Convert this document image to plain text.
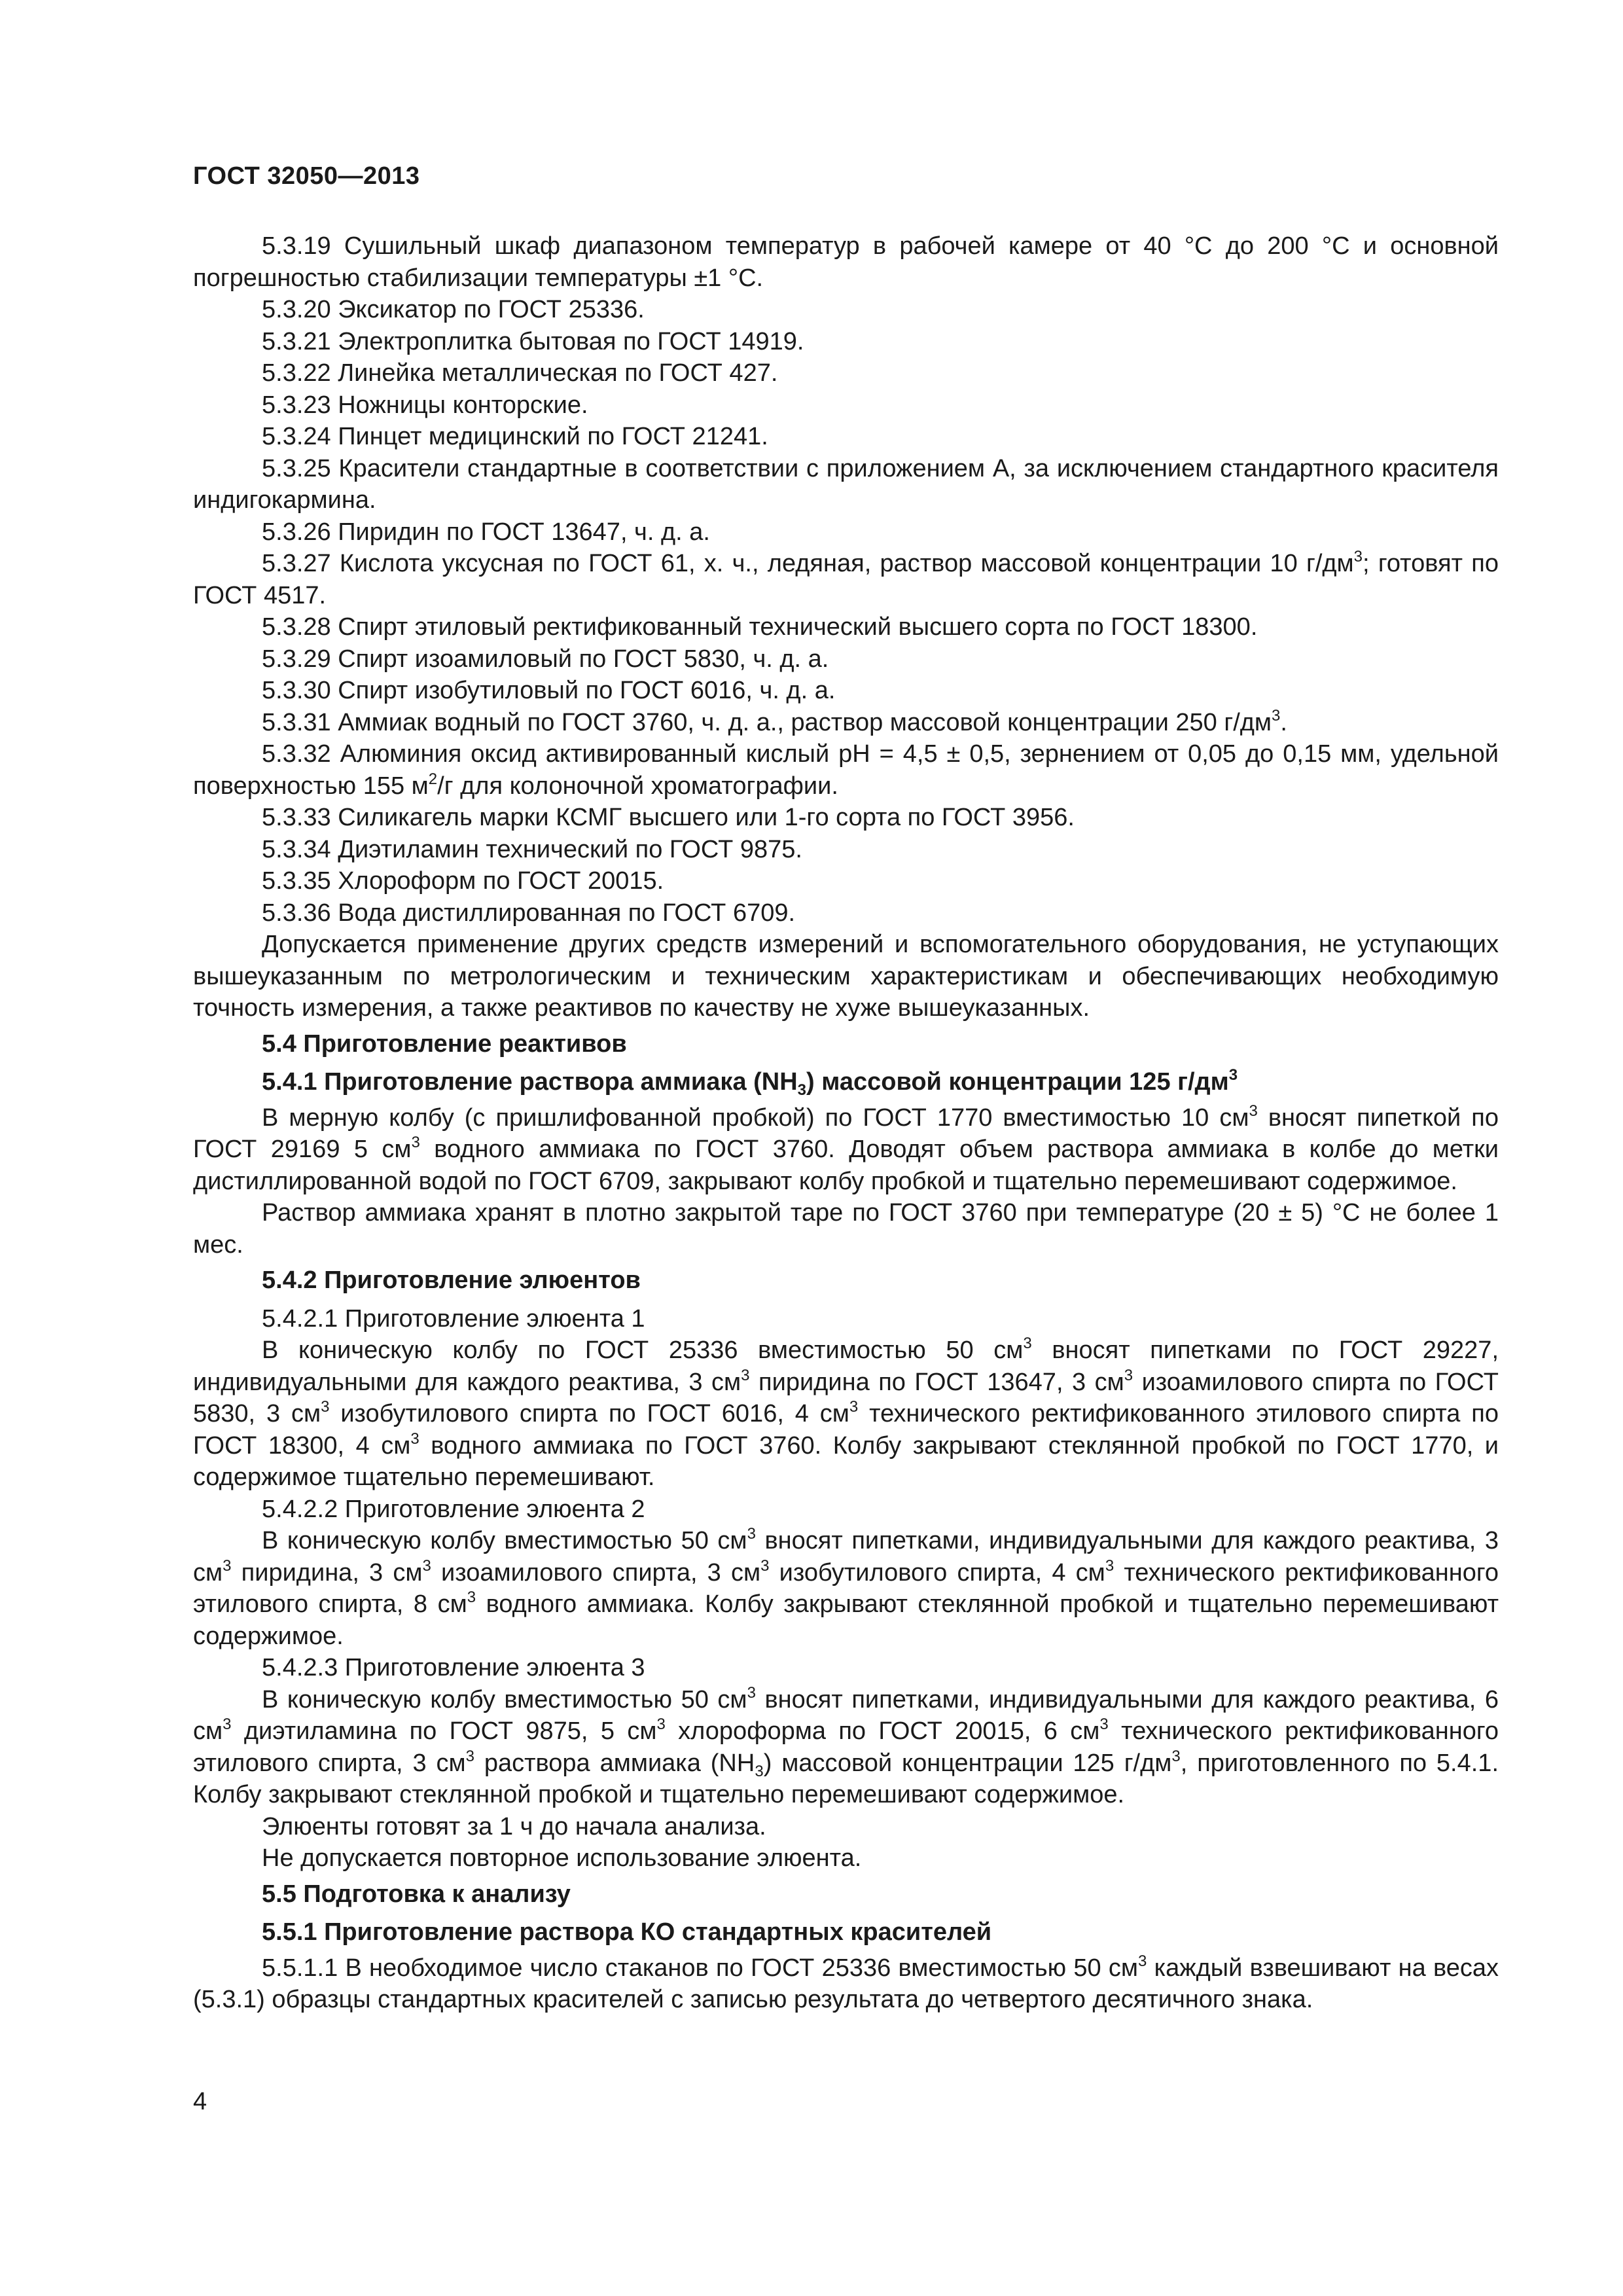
ГОСТ 32050—2013

5.3.19 Сушильный шкаф диапазоном температур в рабочей камере от 40 °C до 200 °C и основной погрешностью стабилизации температуры ±1 °C.

5.3.20 Эксикатор по ГОСТ 25336.

5.3.21 Электроплитка бытовая по ГОСТ 14919.

5.3.22 Линейка металлическая по ГОСТ 427.

5.3.23 Ножницы конторские.

5.3.24 Пинцет медицинский по ГОСТ 21241.

5.3.25 Красители стандартные в соответствии с приложением А, за исключением стандартного красителя индигокармина.

5.3.26 Пиридин по ГОСТ 13647, ч. д. а.

5.3.27 Кислота уксусная по ГОСТ 61, х. ч., ледяная, раствор массовой концентрации 10 $г/дм^3$; готовят по ГОСТ 4517.

5.3.28 Спирт этиловый ректификованный технический высшего сорта по ГОСТ 18300.

5.3.29 Спирт изоамиловый по ГОСТ 5830, ч. д. а.

5.3.30 Спирт изобутиловый по ГОСТ 6016, ч. д. а.

5.3.31 Аммиак водный по ГОСТ 3760, ч. д. а., раствор массовой концентрации 250 $г/дм^3$.

5.3.32 Алюминия оксид активированный кислый pH = 4,5 ± 0,5, зернением от 0,05 до 0,15 мм, удельной поверхностью 155 $м^2/г$ для колоночной хроматографии.

5.3.33 Силикагель марки КСМГ высшего или 1-го сорта по ГОСТ 3956.

5.3.34 Диэтиламин технический по ГОСТ 9875.

5.3.35 Хлороформ по ГОСТ 20015.

5.3.36 Вода дистиллированная по ГОСТ 6709.

Допускается применение других средств измерений и вспомогательного оборудования, не уступающих вышеуказанным по метрологическим и техническим характеристикам и обеспечивающих необходимую точность измерения, а также реактивов по качеству не хуже вышеуказанных.

5.4 Приготовление реактивов

5.4.1 Приготовление раствора аммиака $(NH_3)$ массовой концентрации 125 $г/дм^3$

В мерную колбу (с пришлифованной пробкой) по ГОСТ 1770 вместимостью 10 $см^3$ вносят пипеткой по ГОСТ 29169 5 $см^3$ водного аммиака по ГОСТ 3760. Доводят объем раствора аммиака в колбе до метки дистиллированной водой по ГОСТ 6709, закрывают колбу пробкой и тщательно перемешивают содержимое.

Раствор аммиака хранят в плотно закрытой таре по ГОСТ 3760 при температуре (20 ± 5) °C не более 1 мес.

5.4.2 Приготовление элюентов

5.4.2.1 Приготовление элюента 1

В коническую колбу по ГОСТ 25336 вместимостью 50 $см^3$ вносят пипетками по ГОСТ 29227, индивидуальными для каждого реактива, 3 $см^3$ пиридина по ГОСТ 13647, 3 $см^3$ изоамилового спирта по ГОСТ 5830, 3 $см^3$ изобутилового спирта по ГОСТ 6016, 4 $см^3$ технического ректификованного этилового спирта по ГОСТ 18300, 4 $см^3$ водного аммиака по ГОСТ 3760. Колбу закрывают стеклянной пробкой по ГОСТ 1770, и содержимое тщательно перемешивают.

5.4.2.2 Приготовление элюента 2

В коническую колбу вместимостью 50 $см^3$ вносят пипетками, индивидуальными для каждого реактива, 3 $см^3$ пиридина, 3 $см^3$ изоамилового спирта, 3 $см^3$ изобутилового спирта, 4 $см^3$ технического ректификованного этилового спирта, 8 $см^3$ водного аммиака. Колбу закрывают стеклянной пробкой и тщательно перемешивают содержимое.

5.4.2.3 Приготовление элюента 3

В коническую колбу вместимостью 50 $см^3$ вносят пипетками, индивидуальными для каждого реактива, 6 $см^3$ диэтиламина по ГОСТ 9875, 5 $см^3$ хлороформа по ГОСТ 20015, 6 $см^3$ технического ректификованного этилового спирта, 3 $см^3$ раствора аммиака $(NH_3)$ массовой концентрации 125 $г/дм^3$, приготовленного по 5.4.1. Колбу закрывают стеклянной пробкой и тщательно перемешивают содержимое.

Элюенты готовят за 1 ч до начала анализа.

Не допускается повторное использование элюента.

5.5 Подготовка к анализу

5.5.1 Приготовление раствора КО стандартных красителей

5.5.1.1 В необходимое число стаканов по ГОСТ 25336 вместимостью 50 $см^3$ каждый взвешивают на весах (5.3.1) образцы стандартных красителей с записью результата до четвертого десятичного знака.

4
